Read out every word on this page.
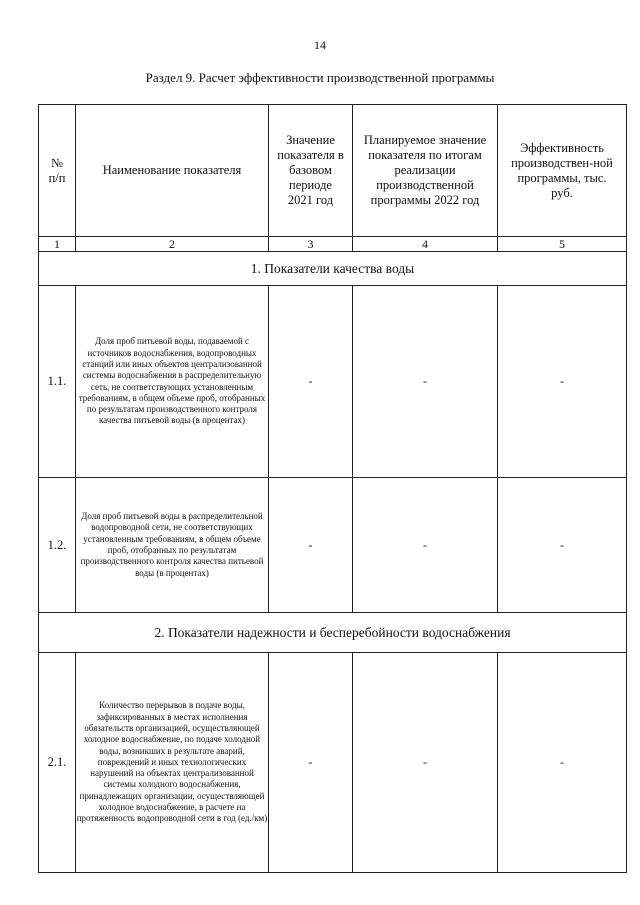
14
Раздел 9. Расчет эффективности производственной программы
№ п/п	Наименование показателя	Значение показателя в базовом периоде 2021 год	Планируемое значение показателя по итогам реализации производственной программы 2022 год	Эффективность производствен-ной программы, тыс. руб.
1	2	3	4	5
1. Показатели качества воды				
1.1.	Доля проб питьевой воды, подаваемой с источников водоснабжения, водопроводных станций или иных объектов централизованной системы водоснабжения в распределительную сеть, не соответствующих установленным требованиям, в общем объеме проб, отобранных по результатам производственного контроля качества питьевой воды (в процентах)	-	-	-
1.2.	Доля проб питьевой воды в распределительной водопроводной сети, не соответствующих установленным требованиям, в общем объеме проб, отобранных по результатам производственного контроля качества питьевой воды (в процентах)	-	-	-
2. Показатели надежности и бесперебойности водоснабжения				
2.1.	Количество перерывов в подаче воды, зафиксированных в местах исполнения обязательств организацией, осуществляющей холодное водоснабжение, по подаче холодной воды, возникших в результате аварий, повреждений и иных технологических нарушений на объектах централизованной системы холодного водоснабжения, принадлежащих организации, осуществляющей холодное водоснабжение, в расчете на протяженность водопроводной сети в год (ед./км)	-	-	-
